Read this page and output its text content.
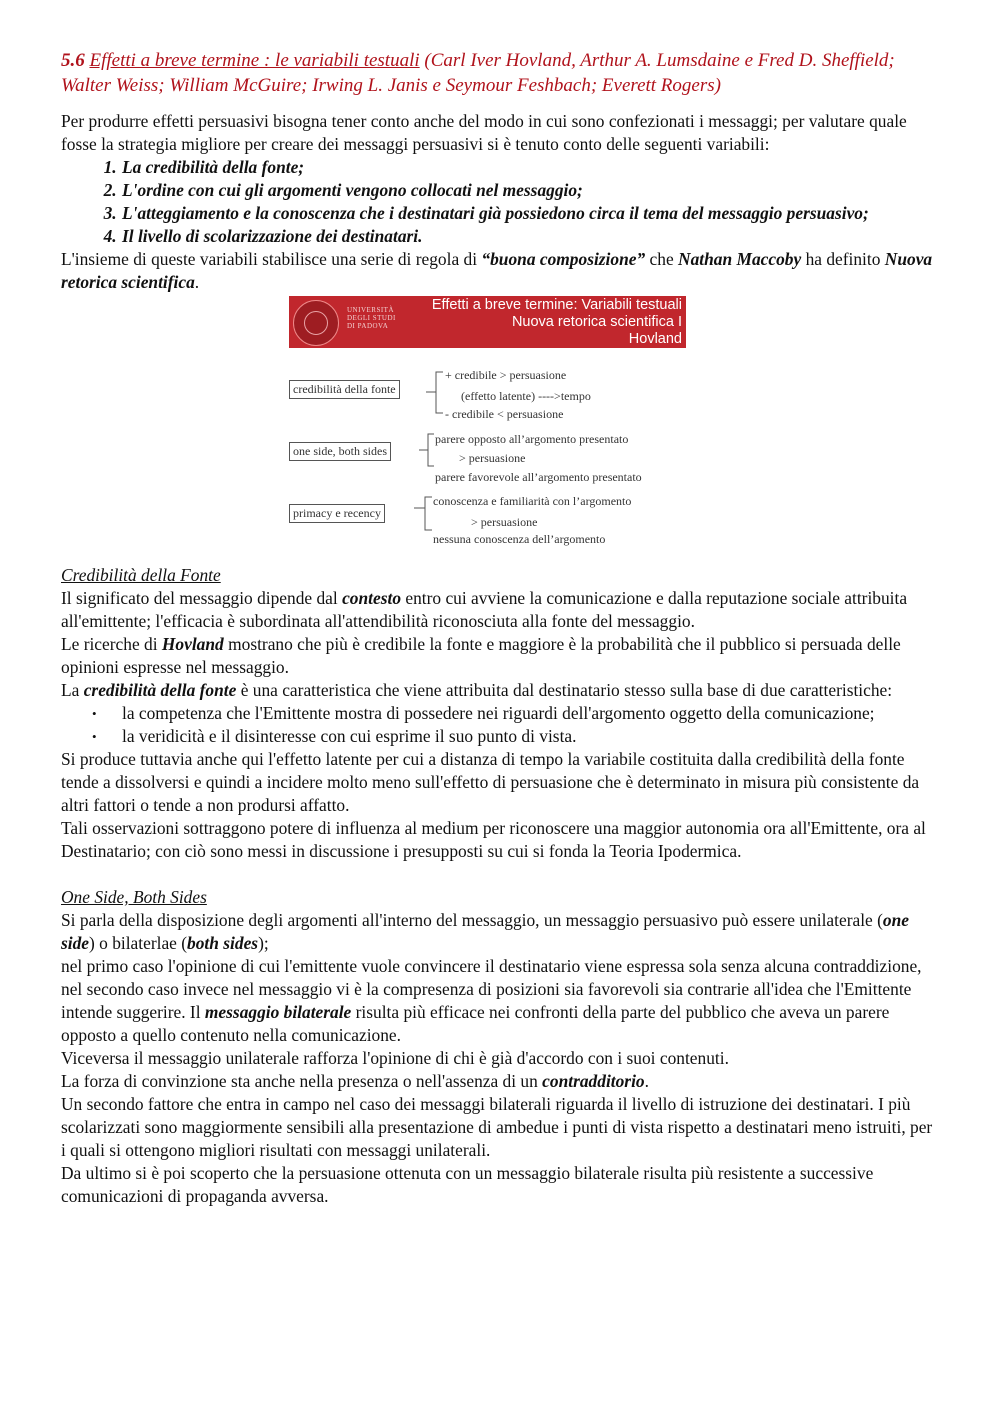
5.6 Effetti a breve termine : le variabili testuali (Carl Iver Hovland, Arthur A. Lumsdaine e Fred D. Sheffield; Walter Weiss; William McGuire; Irwing L. Janis e Seymour Feshbach; Everett Rogers)

Per produrre effetti persuasivi bisogna tener conto anche del modo in cui sono confezionati i messaggi; per valutare quale fosse la strategia migliore per creare dei messaggi persuasivi si è tenuto conto delle seguenti variabili:

1. La credibilità della fonte;
2. L'ordine con cui gli argomenti vengono collocati nel messaggio;
3. L'atteggiamento e la conoscenza che i destinatari già possiedono circa il tema del messaggio persuasivo;
4. Il livello di scolarizzazione dei destinatari.

L'insieme di queste variabili stabilisce una serie di regola di “buona composizione” che Nathan Maccoby ha definito Nuova retorica scientifica.

UNIVERSITÀ
DEGLI STUDI
DI PADOVA
Effetti a breve termine: Variabili testuali
Nuova retorica scientifica I
Hovland
credibilità della fonte
one side, both sides
primacy e recency
+ credibile > persuasione
(effetto latente) ---->tempo
- credibile < persuasione
parere opposto all’argomento presentato
> persuasione
parere favorevole all’argomento presentato
conoscenza e familiarità con l’argomento
> persuasione
nessuna conoscenza dell’argomento

Credibilità della Fonte

Il significato del messaggio dipende dal contesto entro cui avviene la comunicazione e dalla reputazione sociale attribuita all'emittente; l'efficacia è subordinata all'attendibilità riconosciuta alla fonte del messaggio.

Le ricerche di Hovland mostrano che più è credibile la fonte e maggiore è la probabilità che il pubblico si persuada delle opinioni espresse nel messaggio.

La credibilità della fonte è una caratteristica che viene attribuita dal destinatario stesso sulla base di due caratteristiche:

• la competenza che l'Emittente mostra di possedere nei riguardi dell'argomento oggetto della comunicazione;
• la veridicità e il disinteresse con cui esprime il suo punto di vista.

Si produce tuttavia anche qui l'effetto latente per cui a distanza di tempo la variabile costituita dalla credibilità della fonte tende a dissolversi e quindi a incidere molto meno sull'effetto di persuasione che è determinato in misura più consistente da altri fattori o tende a non prodursi affatto.

Tali osservazioni sottraggono potere di influenza al medium per riconoscere una maggior autonomia ora all'Emittente, ora al Destinatario; con ciò sono messi in discussione i presupposti su cui si fonda la Teoria Ipodermica.

One Side, Both Sides

Si parla della disposizione degli argomenti all'interno del messaggio, un messaggio persuasivo può essere unilaterale (one side) o bilaterlae (both sides);

nel primo caso l'opinione di cui l'emittente vuole convincere il destinatario viene espressa sola senza alcuna contraddizione, nel secondo caso invece nel messaggio vi è la compresenza di posizioni sia favorevoli sia contrarie all'idea che l'Emittente intende suggerire. Il messaggio bilaterale risulta più efficace nei confronti della parte del pubblico che aveva un parere opposto a quello contenuto nella comunicazione.

Viceversa il messaggio unilaterale rafforza l'opinione di chi è già d'accordo con i suoi contenuti.

La forza di convinzione sta anche nella presenza o nell'assenza di un contradditorio.

Un secondo fattore che entra in campo nel caso dei messaggi bilaterali riguarda il livello di istruzione dei destinatari. I più scolarizzati sono maggiormente sensibili alla presentazione di ambedue i punti di vista rispetto a destinatari meno istruiti, per i quali si ottengono migliori risultati con messaggi unilaterali.

Da ultimo si è poi scoperto che la persuasione ottenuta con un messaggio bilaterale risulta più resistente a successive comunicazioni di propaganda avversa.
